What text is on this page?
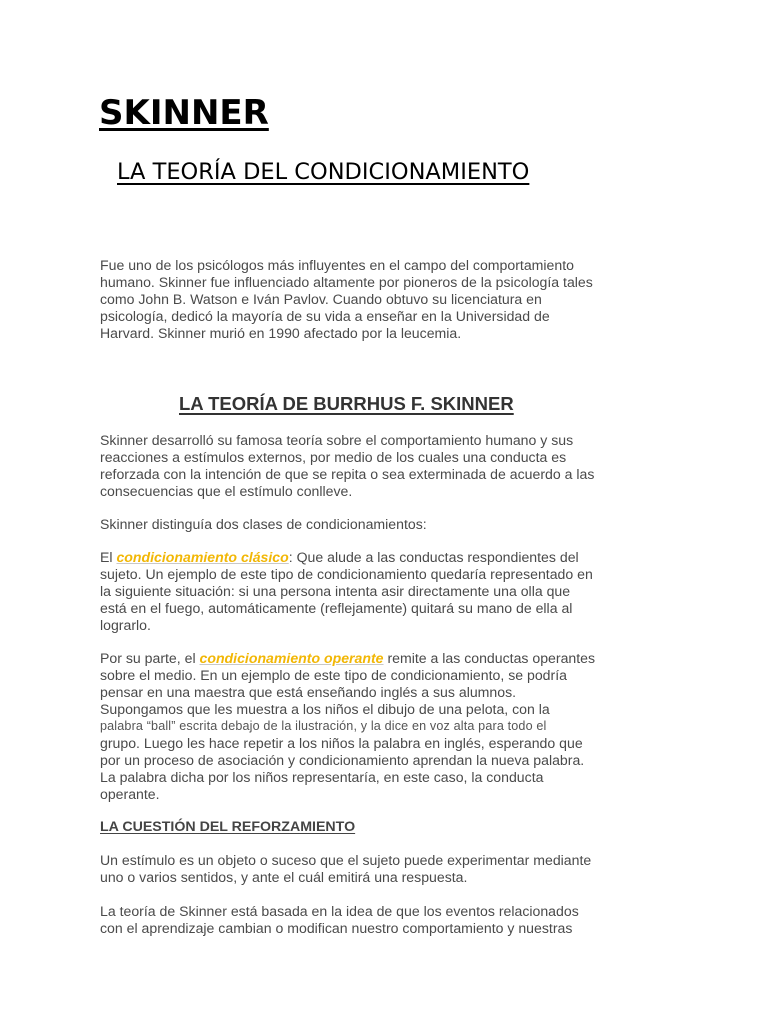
SKINNER
LA TEORÍA DEL CONDICIONAMIENTO
Fue uno de los psicólogos más influyentes en el campo del comportamiento
humano. Skinner fue influenciado altamente por pioneros de la psicología tales
como John B. Watson e Iván Pavlov. Cuando obtuvo su licenciatura en
psicología, dedicó la mayoría de su vida a enseñar en la Universidad de
Harvard. Skinner murió en 1990 afectado por la leucemia.
LA TEORÍA DE BURRHUS F. SKINNER
Skinner desarrolló su famosa teoría sobre el comportamiento humano y sus
reacciones a estímulos externos, por medio de los cuales una conducta es
reforzada con la intención de que se repita o sea exterminada de acuerdo a las
consecuencias que el estímulo conlleve.
Skinner distinguía dos clases de condicionamientos:
El condicionamiento clásico: Que alude a las conductas respondientes del
sujeto. Un ejemplo de este tipo de condicionamiento quedaría representado en
la siguiente situación: si una persona intenta asir directamente una olla que
está en el fuego, automáticamente (reflejamente) quitará su mano de ella al
lograrlo.
Por su parte, el condicionamiento operante remite a las conductas operantes
sobre el medio. En un ejemplo de este tipo de condicionamiento, se podría
pensar en una maestra que está enseñando inglés a sus alumnos.
Supongamos que les muestra a los niños el dibujo de una pelota, con la
palabra “ball” escrita debajo de la ilustración, y la dice en voz alta para todo el
grupo. Luego les hace repetir a los niños la palabra en inglés, esperando que
por un proceso de asociación y condicionamiento aprendan la nueva palabra.
La palabra dicha por los niños representaría, en este caso, la conducta
operante.
LA CUESTIÓN DEL REFORZAMIENTO
Un estímulo es un objeto o suceso que el sujeto puede experimentar mediante
uno o varios sentidos, y ante el cuál emitirá una respuesta.
La teoría de Skinner está basada en la idea de que los eventos relacionados
con el aprendizaje cambian o modifican nuestro comportamiento y nuestras
